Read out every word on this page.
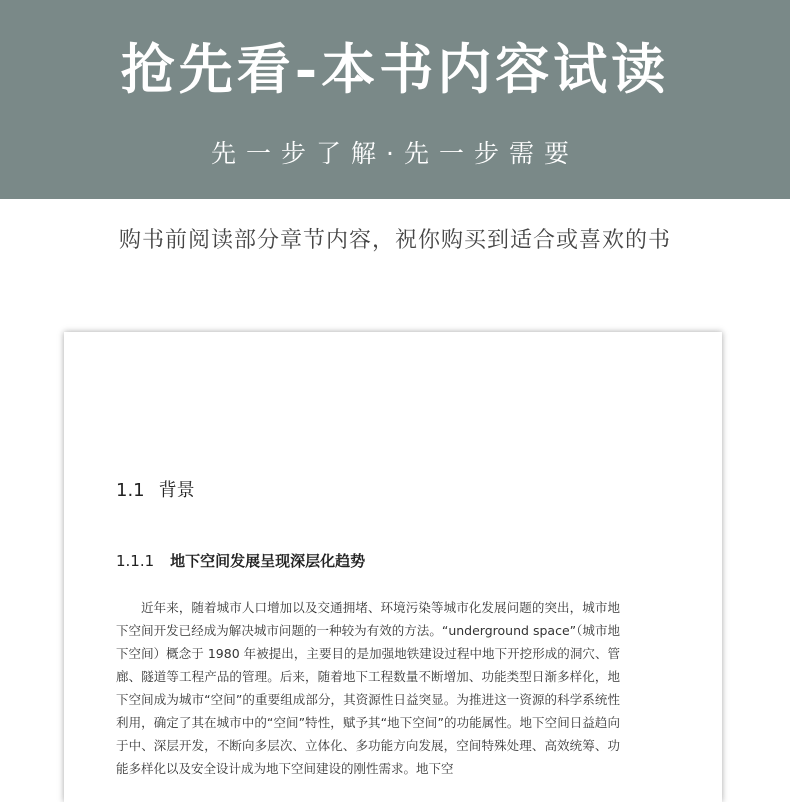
抢先看-本书内容试读
先一步了解·先一步需要
购书前阅读部分章节内容，祝你购买到适合或喜欢的书
1.1 背景
1.1.1 地下空间发展呈现深层化趋势

近年来，随着城市人口增加以及交通拥堵、环境污染等城市化发展问题的突出，城市地下空间开发已经成为解决城市问题的一种较为有效的方法。“underground space”（城市地下空间）概念于 1980 年被提出，主要目的是加强地铁建设过程中地下开挖形成的洞穴、管廊、隧道等工程产品的管理。后来，随着地下工程数量不断增加、功能类型日渐多样化，地下空间成为城市“空间”的重要组成部分，其资源性日益突显。为推进这一资源的科学系统性利用，确定了其在城市中的“空间”特性，赋予其“地下空间”的功能属性。地下空间日益趋向于中、深层开发，不断向多层次、立体化、多功能方向发展，空间特殊处理、高效统筹、功能多样化以及安全设计成为地下空间建设的刚性需求。地下空
